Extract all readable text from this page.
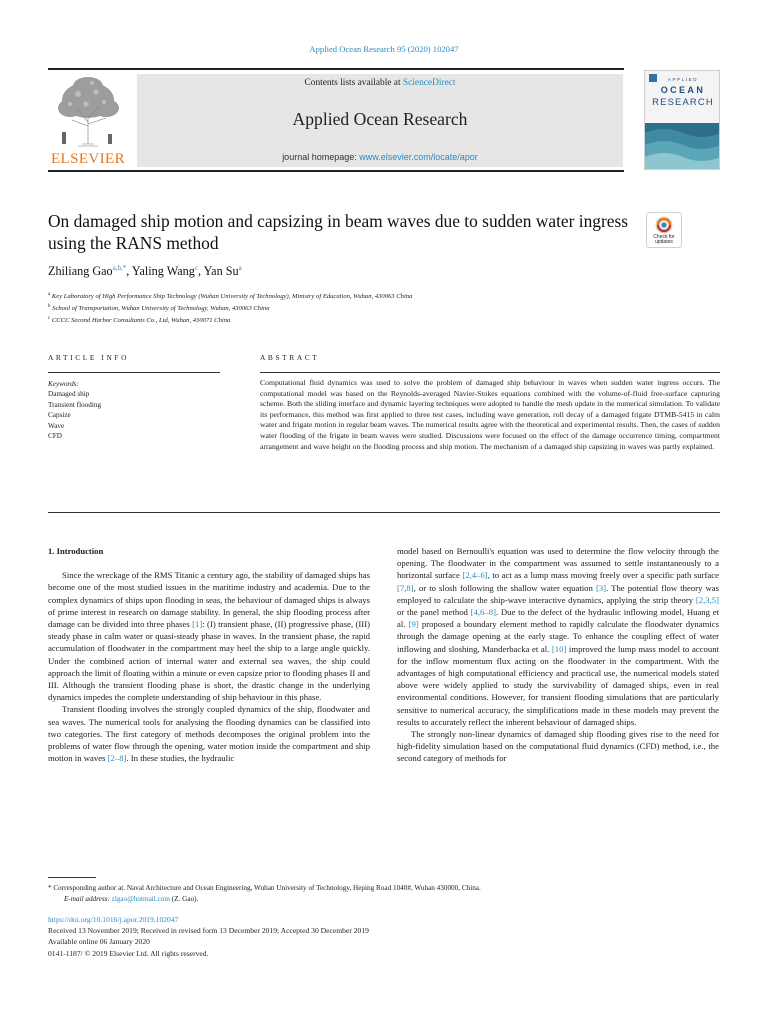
Applied Ocean Research 95 (2020) 102047
ELSEVIER
Contents lists available at ScienceDirect
Applied Ocean Research
journal homepage: www.elsevier.com/locate/apor
APPLIED
OCEAN
RESEARCH
On damaged ship motion and capsizing in beam waves due to sudden water ingress using the RANS method	Check for
updates
Zhiliang Gao$^{a,b,*}$, Yaling Wang$^c$, Yan Su$^a$
$^a$ Key Laboratory of High Performance Ship Technology (Wuhan University of Technology), Ministry of Education, Wuhan, 430063 China
$^b$ School of Transportation, Wuhan University of Technology, Wuhan, 430063 China
$^c$ CCCC Second Harbor Consultants Co., Ltd, Wuhan, 430071 China
ARTICLE INFO	ABSTRACT
Keywords:
Damaged ship
Transient flooding
Capsize
Wave
CFD
Computational fluid dynamics was used to solve the problem of damaged ship behaviour in waves when sudden water ingress occurs. The computational model was based on the Reynolds-averaged Navier-Stokes equations combined with the volume-of-fluid free-surface capturing scheme. Both the sliding interface and dynamic layering techniques were adopted to handle the mesh update in the numerical simulation. To validate its performance, this method was first applied to three test cases, including wave generation, roll decay of a damaged frigate DTMB-5415 in calm water and frigate motion in regular beam waves. The numerical results agree with the theoretical and experimental results. Then, the cases of sudden water flooding of the frigate in beam waves were studied. Discussions were focused on the effect of the damage occurrence timing, compartment arrangement and wave height on the flooding process and ship motion. The mechanism of a damaged ship capsizing in waves was partly explained.

1. Introduction

Since the wreckage of the RMS Titanic a century ago, the stability of damaged ships has become one of the most studied issues in the maritime industry and academia. Due to the complex dynamics of ships upon flooding in seas, the behaviour of damaged ships is always of prime interest in research on damage stability. In general, the ship flooding process after damage can be divided into three phases [1]: (I) transient phase, (II) progressive phase, (III) steady phase in calm water or quasi-steady phase in waves. In the transient phase, the rapid accumulation of floodwater in the compartment may heel the ship to a large angle quickly. Under the combined action of internal water and external sea waves, the ship could approach the limit of floating within a minute or even capsize prior to flooding phases II and III. Although the transient flooding phase is short, the drastic change in the underlying dynamics impedes the complete understanding of ship behaviour in this phase.

Transient flooding involves the strongly coupled dynamics of the ship, floodwater and sea waves. The numerical tools for analysing the flooding dynamics can be classified into two categories. The first category of methods decomposes the original problem into the problems of water flow through the opening, water motion inside the compartment and ship motion in waves [2–8]. In these studies, the hydraulic

model based on Bernoulli's equation was used to determine the flow velocity through the opening. The floodwater in the compartment was assumed to settle instantaneously to a horizontal surface [2,4–6], to act as a lump mass moving freely over a specific path surface [7,8], or to slosh following the shallow water equation [3]. The potential flow theory was employed to calculate the ship-wave interactive dynamics, applying the strip theory [2,3,5] or the panel method [4,6–8]. Due to the defect of the hydraulic inflowing model, Huang et al. [9] proposed a boundary element method to rapidly calculate the floodwater dynamics through the damage opening at the early stage. To enhance the coupling effect of water inflowing and sloshing, Manderbacka et al. [10] improved the lump mass model to account for the inflow momentum flux acting on the floodwater in the compartment. With the advantages of high computational efficiency and practical use, the numerical models stated above were widely applied to study the survivability of damaged ships, even in real environmental conditions. However, for transient flooding simulations that are particularly sensitive to numerical accuracy, the simplifications made in these models may prevent the results to accurately reflect the inherent behaviour of damaged ships.

The strongly non-linear dynamics of damaged ship flooding gives rise to the need for high-fidelity simulation based on the computational fluid dynamics (CFD) method, i.e., the second category of methods for

* Corresponding author at. Naval Architecture and Ocean Engineering, Wuhan University of Technology, Heping Road 1040#, Wuhan 430000, China.
E-mail address: zlgao@hotmail.com (Z. Gao).
https://doi.org/10.1016/j.apor.2019.102047
Received 13 November 2019; Received in revised form 13 December 2019; Accepted 30 December 2019
Available online 06 January 2020
0141-1187/ © 2019 Elsevier Ltd. All rights reserved.
